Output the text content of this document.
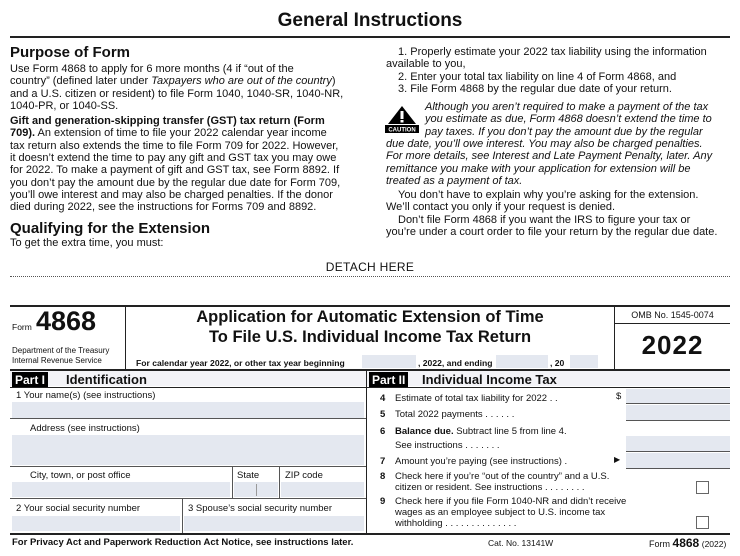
General Instructions
Purpose of Form
Use Form 4868 to apply for 6 more months (4 if “out of the
country” (defined later under Taxpayers who are out of the country)
and a U.S. citizen or resident) to file Form 1040, 1040-SR, 1040-NR,
1040-PR, or 1040-SS.
Gift and generation-skipping transfer (GST) tax return (Form
709). An extension of time to file your 2022 calendar year income
tax return also extends the time to file Form 709 for 2022. However,
it doesn’t extend the time to pay any gift and GST tax you may owe
for 2022. To make a payment of gift and GST tax, see Form 8892. If
you don’t pay the amount due by the regular due date for Form 709,
you’ll owe interest and may also be charged penalties. If the donor
died during 2022, see the instructions for Forms 709 and 8892.
Qualifying for the Extension
To get the extra time, you must:
1. Properly estimate your 2022 tax liability using the information
available to you,
2. Enter your total tax liability on line 4 of Form 4868, and
3. File Form 4868 by the regular due date of your return.
CAUTION
Although you aren’t required to make a payment of the tax
you estimate as due, Form 4868 doesn’t extend the time to
pay taxes. If you don’t pay the amount due by the regular
due date, you’ll owe interest. You may also be charged penalties.
For more details, see Interest and Late Payment Penalty, later. Any
remittance you make with your application for extension will be
treated as a payment of tax.
You don’t have to explain why you’re asking for the extension.
We’ll contact you only if your request is denied.
Don’t file Form 4868 if you want the IRS to figure your tax or
you’re under a court order to file your return by the regular due date.
DETACH HERE
Form 4868
Department of the Treasury
Internal Revenue Service
Application for Automatic Extension of Time
To File U.S. Individual Income Tax Return
For calendar year 2022, or other tax year beginning	, 2022, and ending	, 20
OMB No. 1545-0074
2022
Part I Identification	Part II Individual Income Tax
1 Your name(s) (see instructions)
Address (see instructions)
City, town, or post office	State	ZIP code
2 Your social security number	3 Spouse’s social security number
4 Estimate of total tax liability for 2022 . .	$
5 Total 2022 payments . . . . . .
6 Balance due. Subtract line 5 from line 4.
See instructions . . . . . . .
7 Amount you’re paying (see instructions) .	▶
8 Check here if you’re “out of the country” and a U.S.
citizen or resident. See instructions . . . . . . . .
9 Check here if you file Form 1040-NR and didn’t receive
wages as an employee subject to U.S. income tax
withholding . . . . . . . . . . . . . .
For Privacy Act and Paperwork Reduction Act Notice, see instructions later.	Cat. No. 13141W	Form 4868 (2022)
